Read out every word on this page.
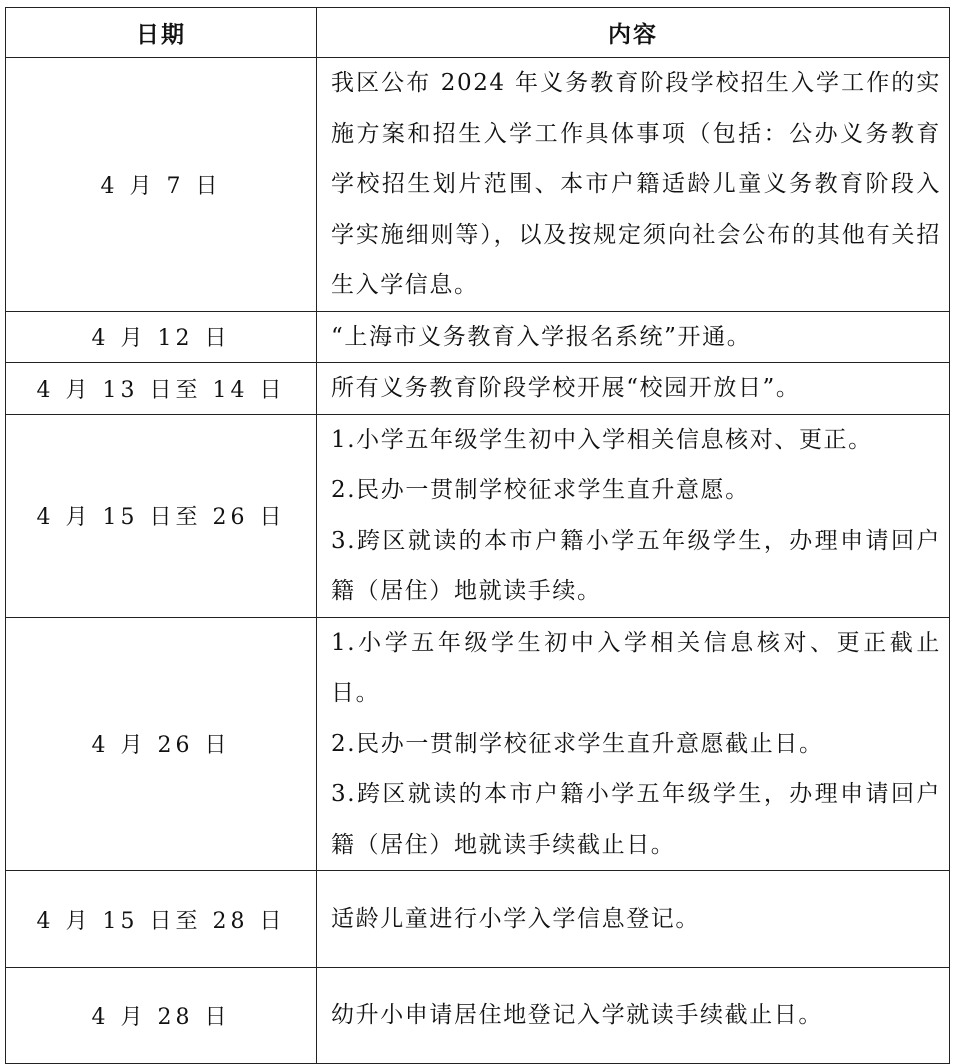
日期	内容
4 月 7 日	我区公布 2024 年义务教育阶段学校招生入学工作的实施方案和招生入学工作具体事项（包括：公办义务教育学校招生划片范围、本市户籍适龄儿童义务教育阶段入学实施细则等），以及按规定须向社会公布的其他有关招生入学信息。
4 月 12 日	“上海市义务教育入学报名系统”开通。
4 月 13 日至 14 日	所有义务教育阶段学校开展“校园开放日”。
4 月 15 日至 26 日	1.小学五年级学生初中入学相关信息核对、更正。
2.民办一贯制学校征求学生直升意愿。
3.跨区就读的本市户籍小学五年级学生，办理申请回户籍（居住）地就读手续。

4 月 26 日	1.小学五年级学生初中入学相关信息核对、更正截止日。
2.民办一贯制学校征求学生直升意愿截止日。
3.跨区就读的本市户籍小学五年级学生，办理申请回户籍（居住）地就读手续截止日。

4 月 15 日至 28 日	适龄儿童进行小学入学信息登记。
4 月 28 日	幼升小申请居住地登记入学就读手续截止日。
